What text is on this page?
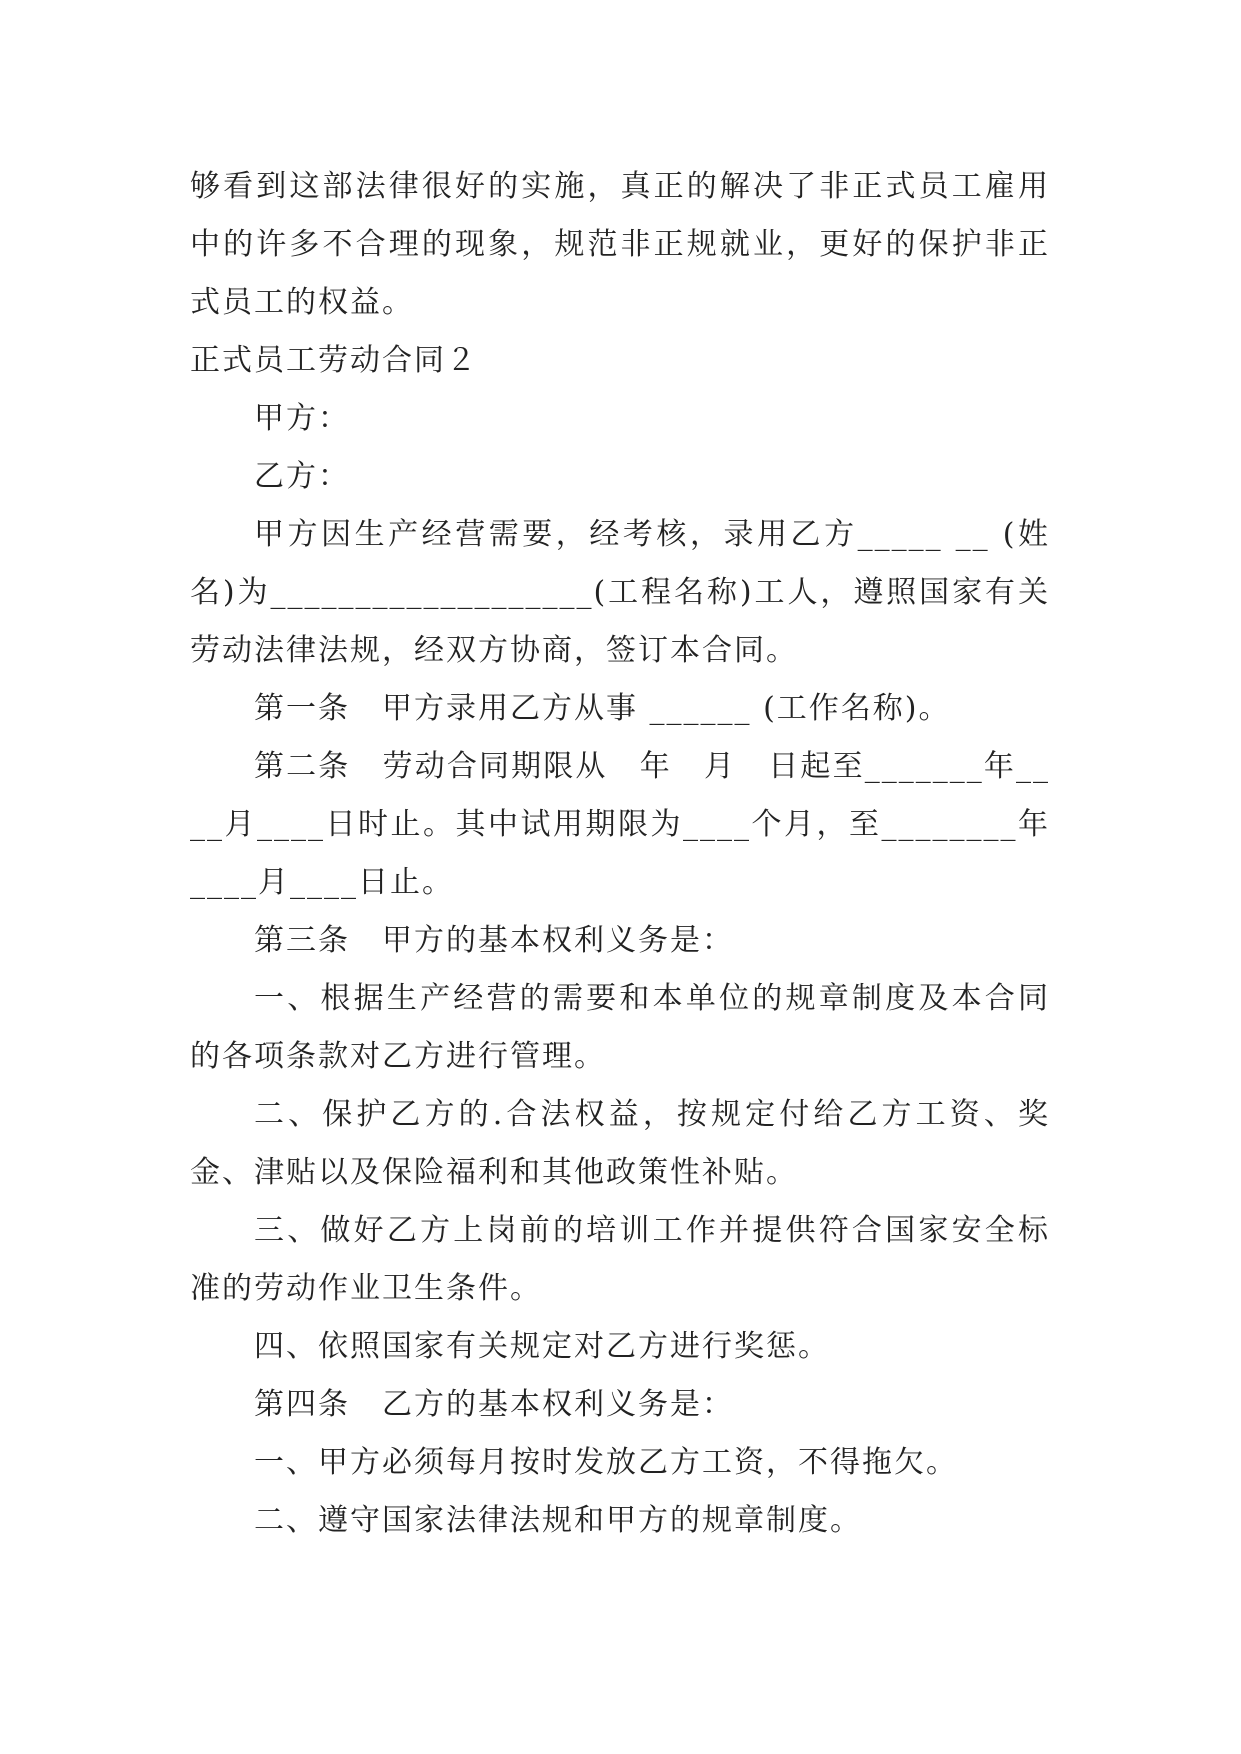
够看到这部法律很好的实施，真正的解决了非正式员工雇用中的许多不合理的现象，规范非正规就业，更好的保护非正式员工的权益。

正式员工劳动合同２

甲方：

乙方：

甲方因生产经营需要，经考核，录用乙方_____ __ (姓名)为___________________(工程名称)工人，遵照国家有关劳动法律法规，经双方协商，签订本合同。

第一条　甲方录用乙方从事 ______ (工作名称)。

第二条　劳动合同期限从　年　月　日起至_______年____月____日时止。其中试用期限为____个月，至________年____月____日止。

第三条　甲方的基本权利义务是：

一、根据生产经营的需要和本单位的规章制度及本合同的各项条款对乙方进行管理。

二、保护乙方的.合法权益，按规定付给乙方工资、奖金、津贴以及保险福利和其他政策性补贴。

三、做好乙方上岗前的培训工作并提供符合国家安全标准的劳动作业卫生条件。

四、依照国家有关规定对乙方进行奖惩。

第四条　乙方的基本权利义务是：

一、甲方必须每月按时发放乙方工资，不得拖欠。

二、遵守国家法律法规和甲方的规章制度。
